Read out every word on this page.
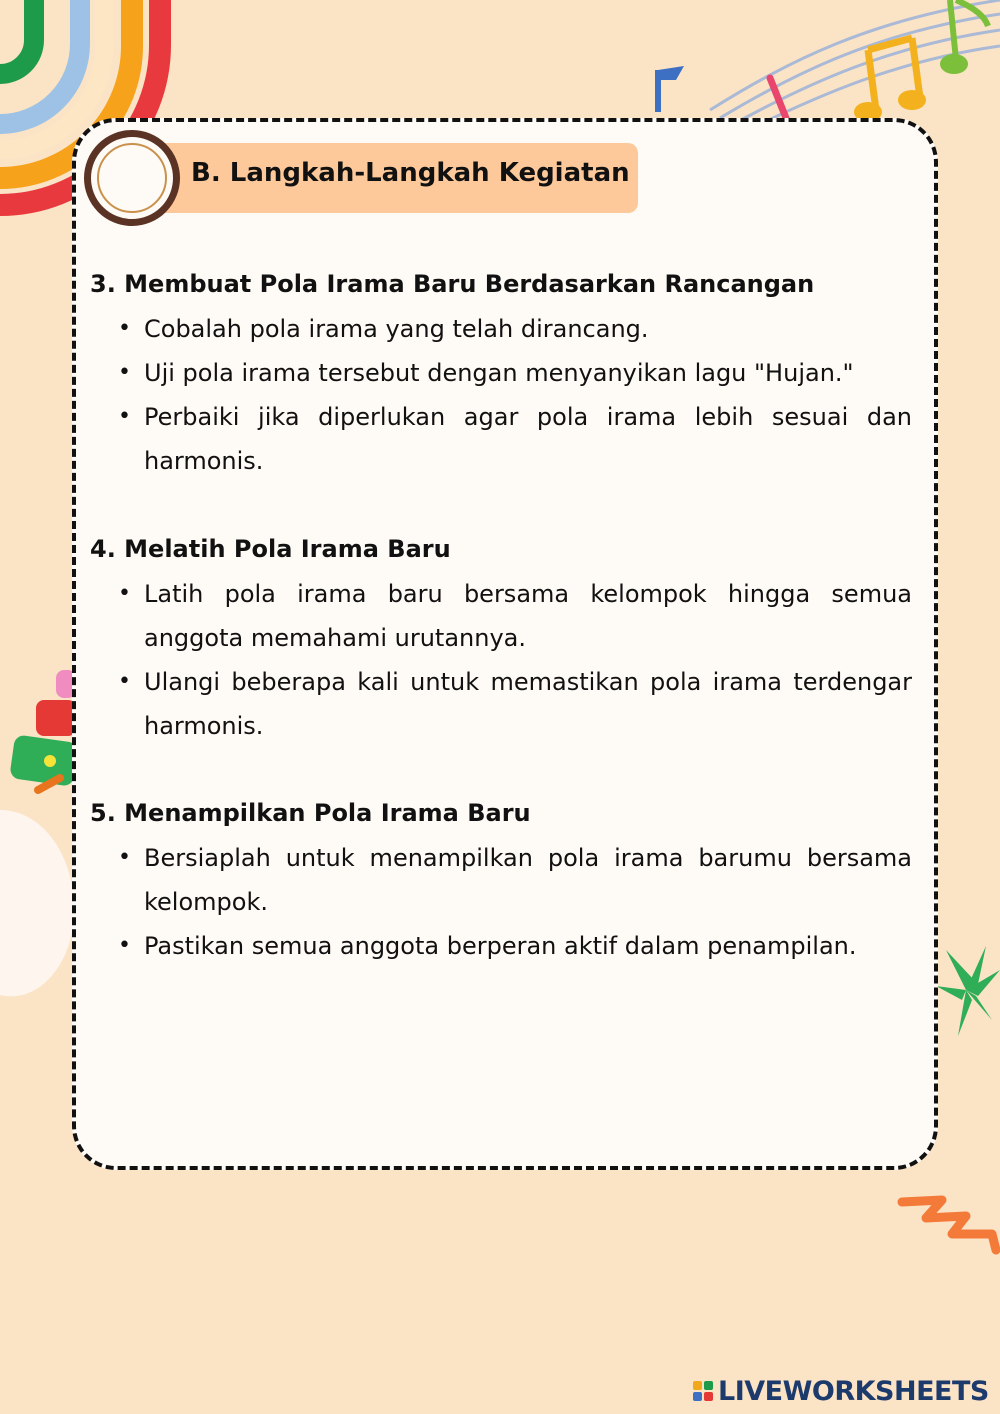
B. Langkah-Langkah Kegiatan
3. Membuat Pola Irama Baru Berdasarkan Rancangan
• Cobalah pola irama yang telah dirancang.
• Uji pola irama tersebut dengan menyanyikan lagu "Hujan."
• Perbaiki jika diperlukan agar pola irama lebih sesuai dan harmonis.
4. Melatih Pola Irama Baru
• Latih pola irama baru bersama kelompok hingga semua anggota memahami urutannya.
• Ulangi beberapa kali untuk memastikan pola irama terdengar harmonis.
5. Menampilkan Pola Irama Baru
• Bersiaplah untuk menampilkan pola irama barumu bersama kelompok.
• Pastikan semua anggota berperan aktif dalam penampilan.
LIVEWORKSHEETS
